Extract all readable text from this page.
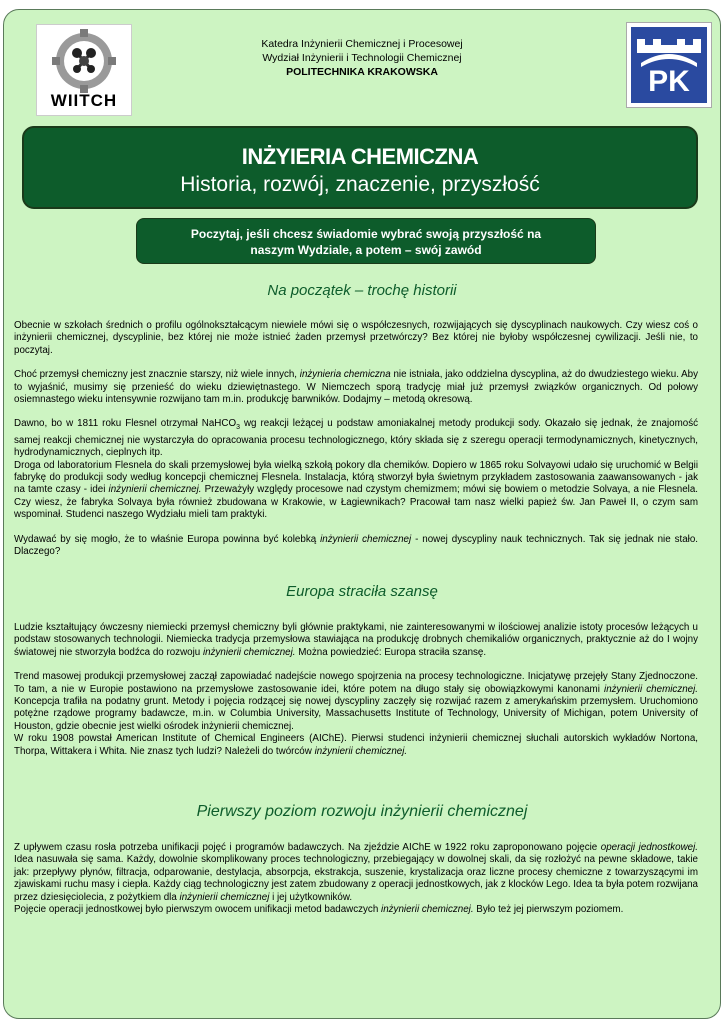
WIITCH
Katedra Inżynierii Chemicznej i Procesowej
Wydział Inżynierii i Technologii Chemicznej
POLITECHNIKA KRAKOWSKA	PK
INŻYIERIA CHEMICZNA
Historia, rozwój, znaczenie, przyszłość
Poczytaj, jeśli chcesz świadomie wybrać swoją przyszłość na
naszym Wydziale, a potem – swój zawód
Na początek – trochę historii

Obecnie w szkołach średnich o profilu ogólnokształcącym niewiele mówi się o współczesnych, rozwijających się dyscyplinach naukowych. Czy wiesz coś o inżynierii chemicznej, dyscyplinie, bez której nie może istnieć żaden przemysł przetwórczy? Bez której nie byłoby współczesnej cywilizacji. Jeśli nie, to poczytaj.

Choć przemysł chemiczny jest znacznie starszy, niż wiele innych, inżynieria chemiczna nie istniała, jako oddzielna dyscyplina, aż do dwudziestego wieku. Aby to wyjaśnić, musimy się przenieść do wieku dziewiętnastego. W Niemczech sporą tradycję miał już przemysł związków organicznych. Od połowy osiemnastego wieku intensywnie rozwijano tam m.in. produkcję barwników. Dodajmy – metodą okresową.

Dawno, bo w 1811 roku Flesnel otrzymał NaHCO$_3$ wg reakcji leżącej u podstaw amoniakalnej metody produkcji sody. Okazało się jednak, że znajomość samej reakcji chemicznej nie wystarczyła do opracowania procesu technologicznego, który składa się z szeregu operacji termodynamicznych, kinetycznych, hydrodynamicznych, cieplnych itp.

Droga od laboratorium Flesnela do skali przemysłowej była wielką szkołą pokory dla chemików. Dopiero w 1865 roku Solvayowi udało się uruchomić w Belgii fabrykę do produkcji sody według koncepcji chemicznej Flesnela. Instalacja, którą stworzył była świetnym przykładem zastosowania zaawansowanych - jak na tamte czasy - idei inżynierii chemicznej. Przeważyły względy procesowe nad czystym chemizmem; mówi się bowiem o metodzie Solvaya, a nie Flesnela. Czy wiesz, że fabryka Solvaya była również zbudowana w Krakowie, w Łagiewnikach? Pracował tam nasz wielki papież św. Jan Paweł II, o czym sam wspominał. Studenci naszego Wydziału mieli tam praktyki.

Wydawać by się mogło, że to właśnie Europa powinna być kolebką inżynierii chemicznej - nowej dyscypliny nauk technicznych. Tak się jednak nie stało. Dlaczego?

Europa straciła szansę

Ludzie kształtujący ówczesny niemiecki przemysł chemiczny byli głównie praktykami, nie zainteresowanymi w ilościowej analizie istoty procesów leżących u podstaw stosowanych technologii. Niemiecka tradycja przemysłowa stawiająca na produkcję drobnych chemikaliów organicznych, praktycznie aż do I wojny światowej nie stworzyła bodźca do rozwoju inżynierii chemicznej. Można powiedzieć: Europa straciła szansę.

Trend masowej produkcji przemysłowej zaczął zapowiadać nadejście nowego spojrzenia na procesy technologiczne. Inicjatywę przejęły Stany Zjednoczone. To tam, a nie w Europie postawiono na przemysłowe zastosowanie idei, które potem na długo stały się obowiązkowymi kanonami inżynierii chemicznej. Koncepcja trafiła na podatny grunt. Metody i pojęcia rodzącej się nowej dyscypliny zaczęły się rozwijać razem z amerykańskim przemysłem. Uruchomiono potężne rządowe programy badawcze, m.in. w Columbia University, Massachusetts Institute of Technology, University of Michigan, potem University of Houston, gdzie obecnie jest wielki ośrodek inżynierii chemicznej.

W roku 1908 powstał American Institute of Chemical Engineers (AIChE). Pierwsi studenci inżynierii chemicznej słuchali autorskich wykładów Nortona, Thorpa, Wittakera i Whita. Nie znasz tych ludzi? Należeli do twórców inżynierii chemicznej.

Pierwszy poziom rozwoju inżynierii chemicznej

Z upływem czasu rosła potrzeba unifikacji pojęć i programów badawczych. Na zjeździe AIChE w 1922 roku zaproponowano pojęcie operacji jednostkowej. Idea nasuwała się sama. Każdy, dowolnie skomplikowany proces technologiczny, przebiegający w dowolnej skali, da się rozłożyć na pewne składowe, takie jak: przepływy płynów, filtracja, odparowanie, destylacja, absorpcja, ekstrakcja, suszenie, krystalizacja oraz liczne procesy chemiczne z towarzyszącymi im zjawiskami ruchu masy i ciepła. Każdy ciąg technologiczny jest zatem zbudowany z operacji jednostkowych, jak z klocków Lego. Idea ta była potem rozwijana przez dziesięciolecia, z pożytkiem dla inżynierii chemicznej i jej użytkowników.

Pojęcie operacji jednostkowej było pierwszym owocem unifikacji metod badawczych inżynierii chemicznej. Było też jej pierwszym poziomem.
